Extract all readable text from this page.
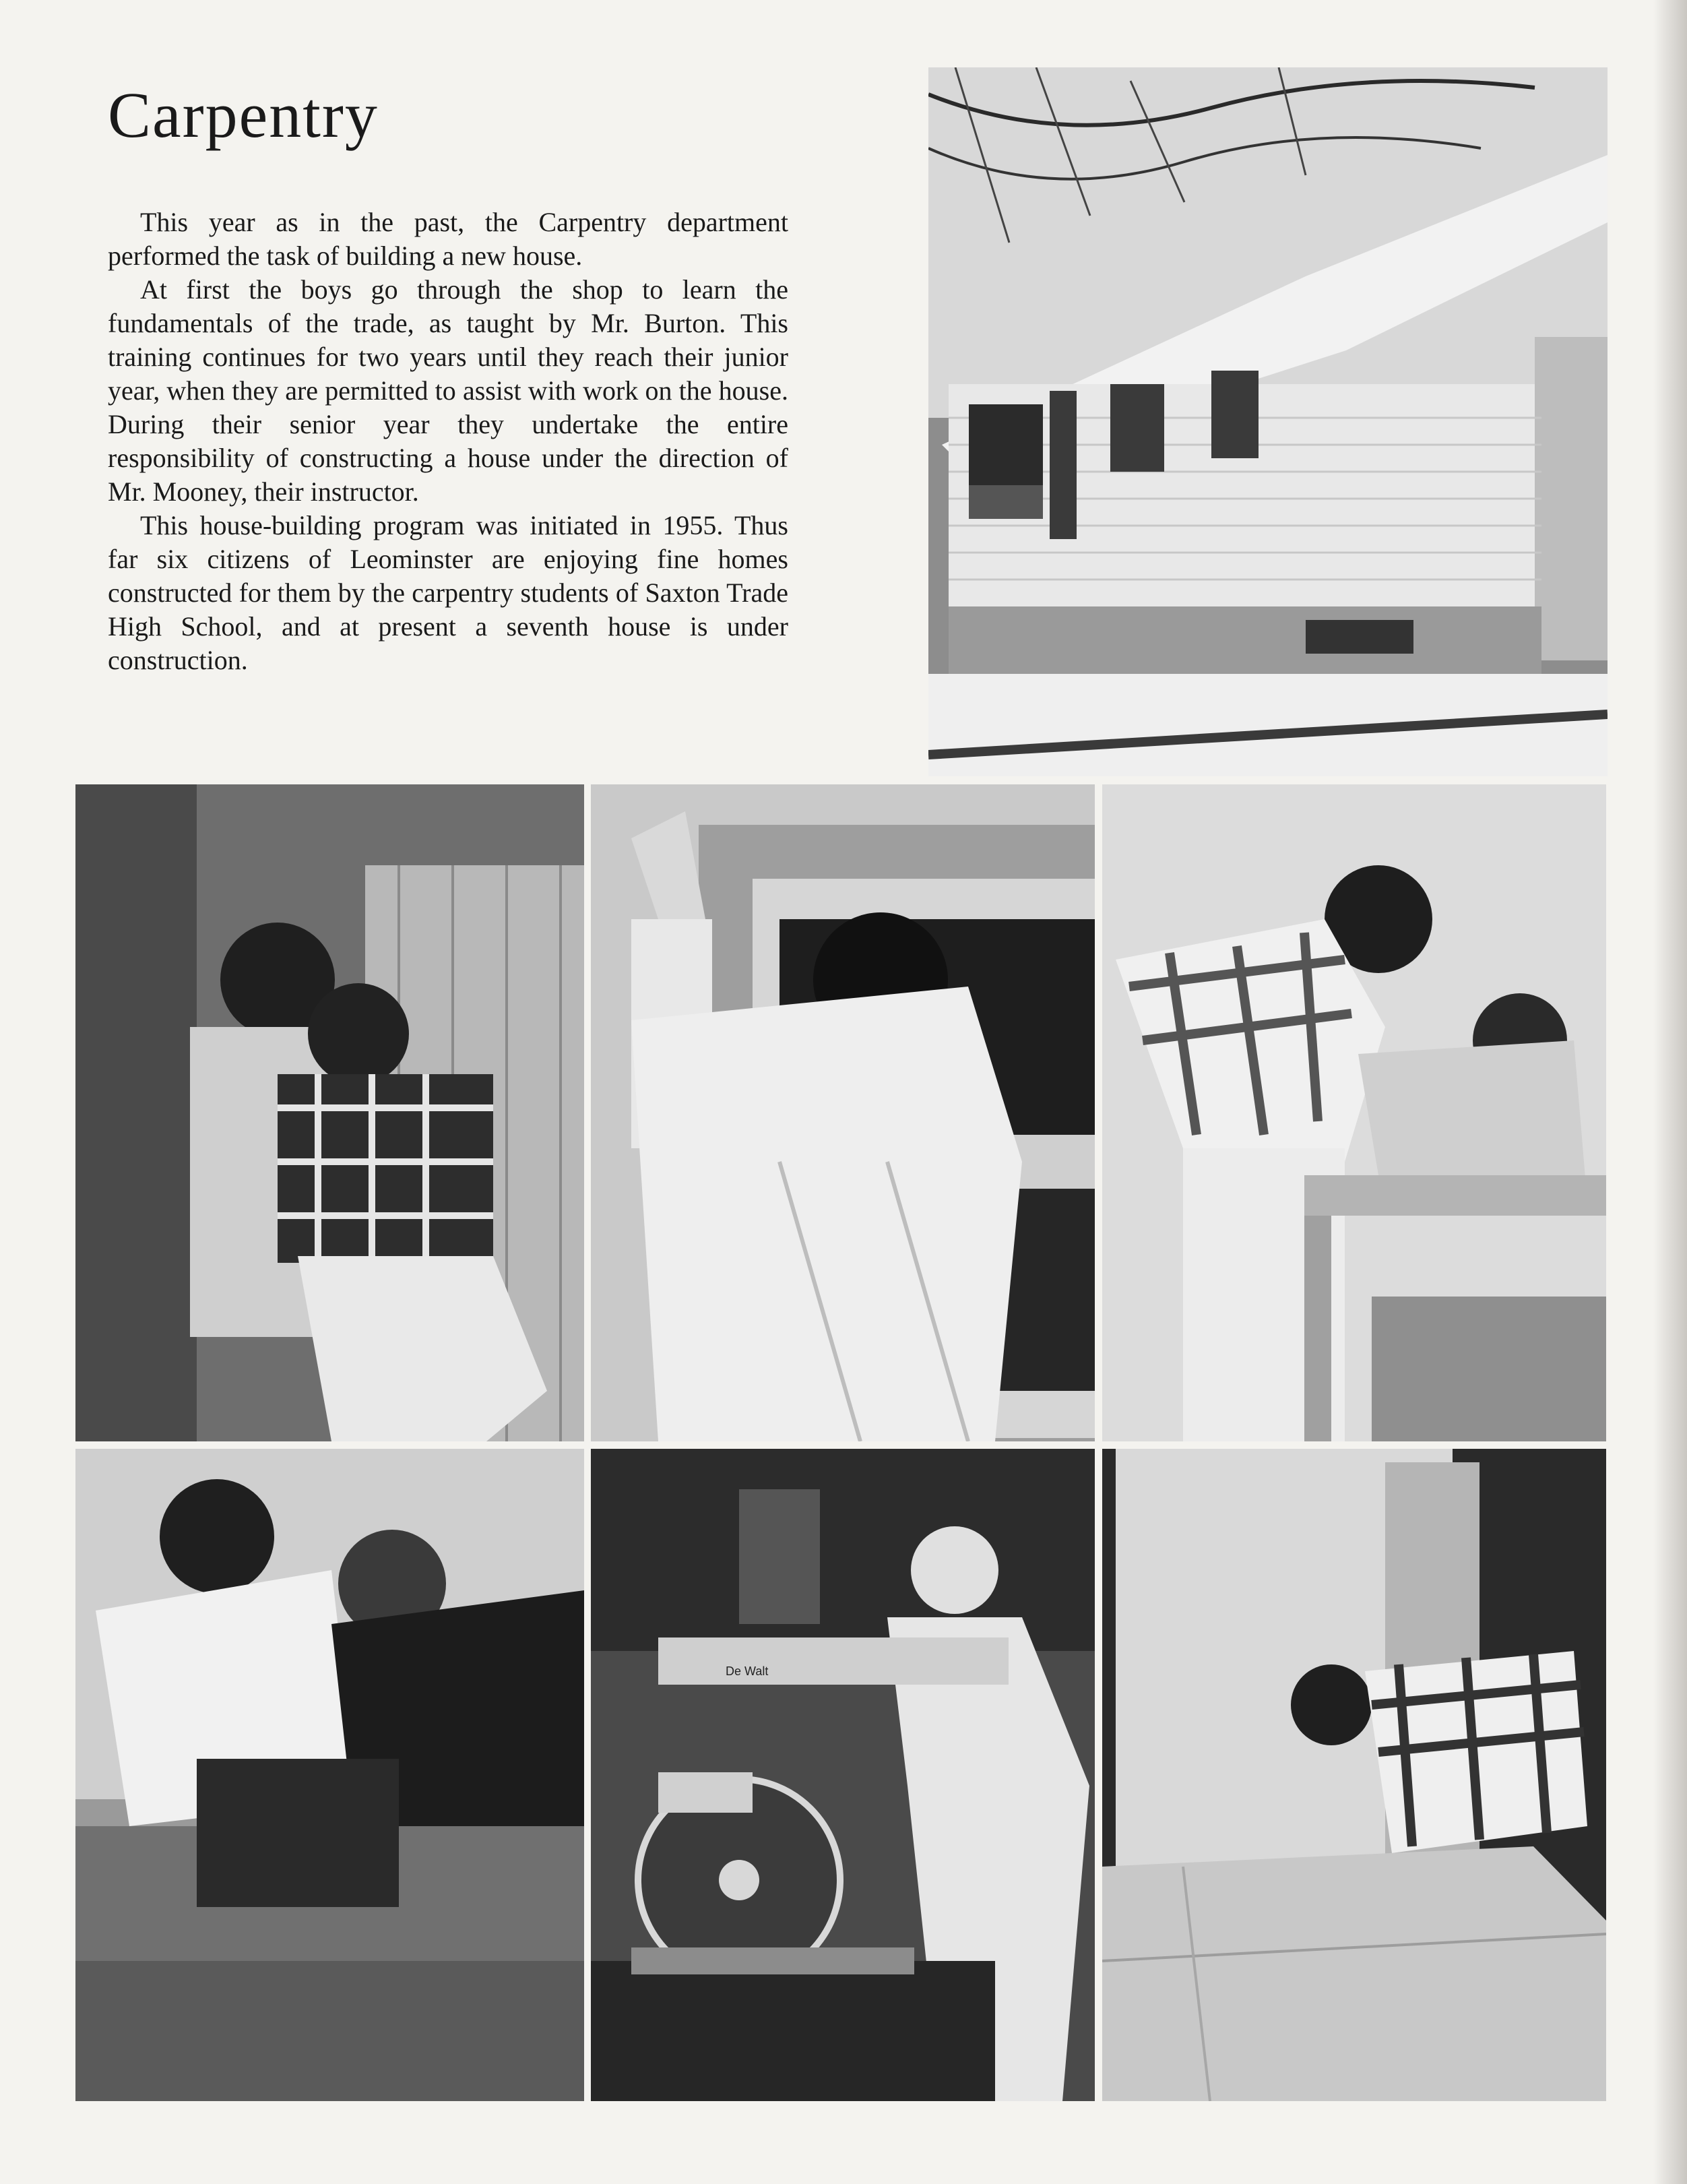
Carpentry

This year as in the past, the Carpentry department performed the task of building a new house.

At first the boys go through the shop to learn the fundamentals of the trade, as taught by Mr. Burton. This training continues for two years until they reach their junior year, when they are permitted to assist with work on the house. During their senior year they undertake the entire responsibility of constructing a house under the direction of Mr. Mooney, their instructor.

This house-building program was initiated in 1955. Thus far six citizens of Leominster are enjoying fine homes constructed for them by the carpentry students of Saxton Trade High School, and at present a seventh house is under construction.

De Walt
